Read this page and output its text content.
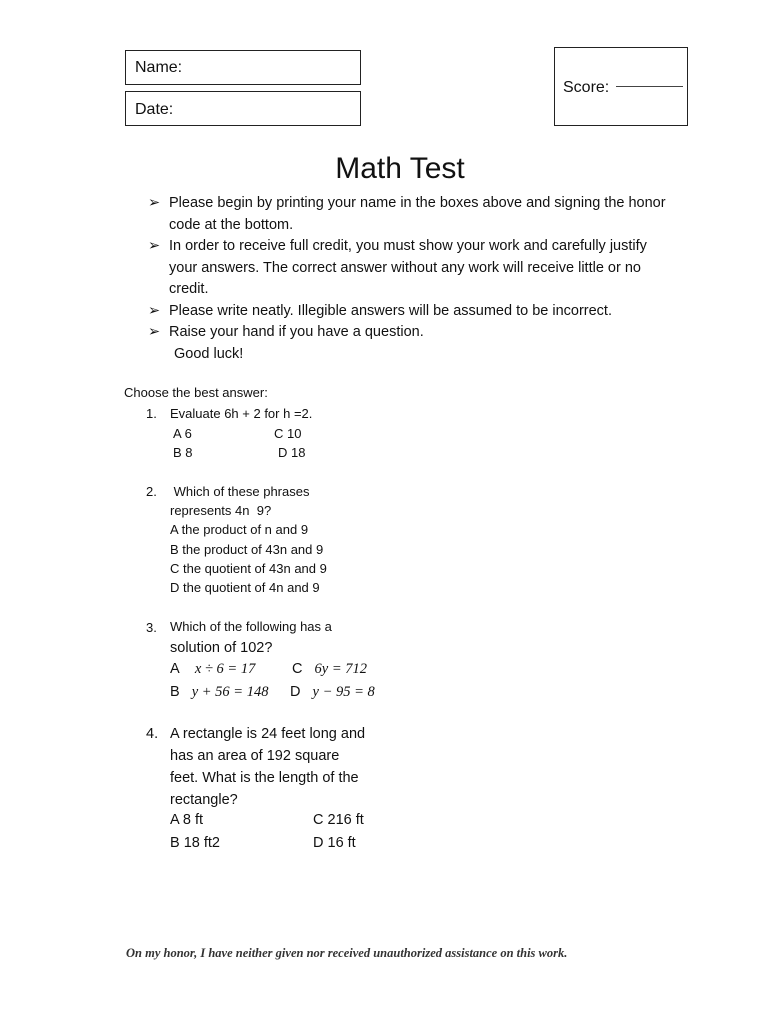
Name:
Date:
Score:
Math Test
➢ Please begin by printing your name in the boxes above and signing the honor code at the bottom.
➢ In order to receive full credit, you must show your work and carefully justify your answers. The correct answer without any work will receive little or no credit.
➢ Please write neatly. Illegible answers will be assumed to be incorrect.
➢ Raise your hand if you have a question.
Good luck!
Choose the best answer:
1. Evaluate 6h + 2 for h =2.
A 6	C 10
B 8	D 18
2. Which of these phrases
represents 4n  9?
A the product of n and 9
B the product of 43n and 9
C the quotient of 43n and 9
D the quotient of 4n and 9
3. Which of the following has a
solution of 102?
A x ÷ 6 = 17	C 6y = 712
B y + 56 = 148 D y − 95 = 8
4. A rectangle is 24 feet long and
has an area of 192 square
feet. What is the length of the
rectangle?
A 8 ft	C 216 ft
B 18 ft2	D 16 ft
On my honor, I have neither given nor received unauthorized assistance on this work.
